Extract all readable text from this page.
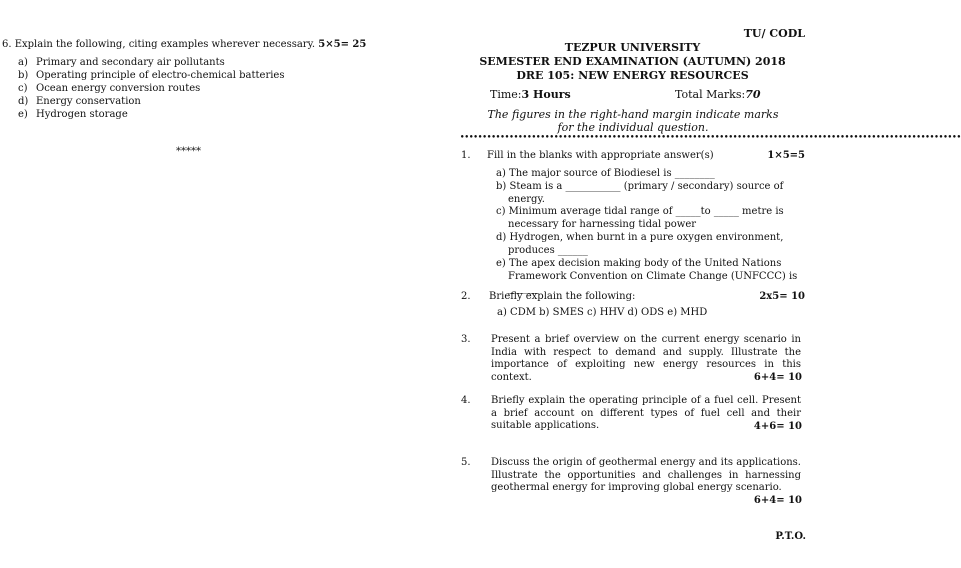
6. Explain the following, citing examples wherever necessary. 5×5= 25
a) Primary and secondary air pollutants
b) Operating principle of electro-chemical batteries
c) Ocean energy conversion routes
d) Energy conservation
e) Hydrogen storage
*****
TU/ CODL
TEZPUR UNIVERSITY
SEMESTER END EXAMINATION (AUTUMN) 2018
DRE 105: NEW ENERGY RESOURCES
Time:3 Hours	Total Marks:70
The figures in the right-hand margin indicate marks for the individual question.
••••••••••••••••••••••••••••••••••••••••••••••••••••••••••••••••••••••••••••••••••••••••••••••••••••••••••••••••
1.	Fill in the blanks with appropriate answer(s)	1×5=5
a) The major source of Biodiesel is ________
b) Steam is a ___________ (primary / secondary) source of energy.
c) Minimum average tidal range of _____to _____ metre is necessary for harnessing tidal power
d) Hydrogen, when burnt in a pure oxygen environment, produces ______
e) The apex decision making body of the United Nations Framework Convention on Climate Change (UNFCCC) is ______
2.	Briefly explain the following:	2x5= 10
a) CDM b) SMES c) HHV d) ODS e) MHD
3.	Present a brief overview on the current energy scenario in India with respect to demand and supply. Illustrate the importance of exploiting new energy resources in this context.	6+4= 10
4.	Briefly explain the operating principle of a fuel cell. Present a brief account on different types of fuel cell and their suitable applications.	4+6= 10
5.	Discuss the origin of geothermal energy and its applications. Illustrate the opportunities and challenges in harnessing geothermal energy for improving global energy scenario.
6+4= 10
P.T.O.
